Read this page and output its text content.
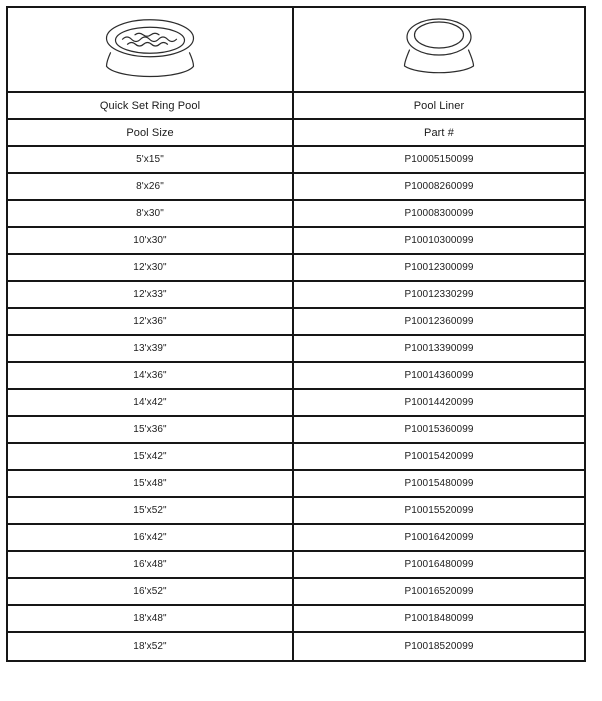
Quick Set Ring Pool	Pool Liner
Pool Size	Part #
5'x15"	P10005150099
8'x26"	P10008260099
8'x30"	P10008300099
10'x30"	P10010300099
12'x30"	P10012300099
12'x33"	P10012330299
12'x36"	P10012360099
13'x39"	P10013390099
14'x36"	P10014360099
14'x42"	P10014420099
15'x36"	P10015360099
15'x42"	P10015420099
15'x48"	P10015480099
15'x52"	P10015520099
16'x42"	P10016420099
16'x48"	P10016480099
16'x52"	P10016520099
18'x48"	P10018480099
18'x52"	P10018520099
